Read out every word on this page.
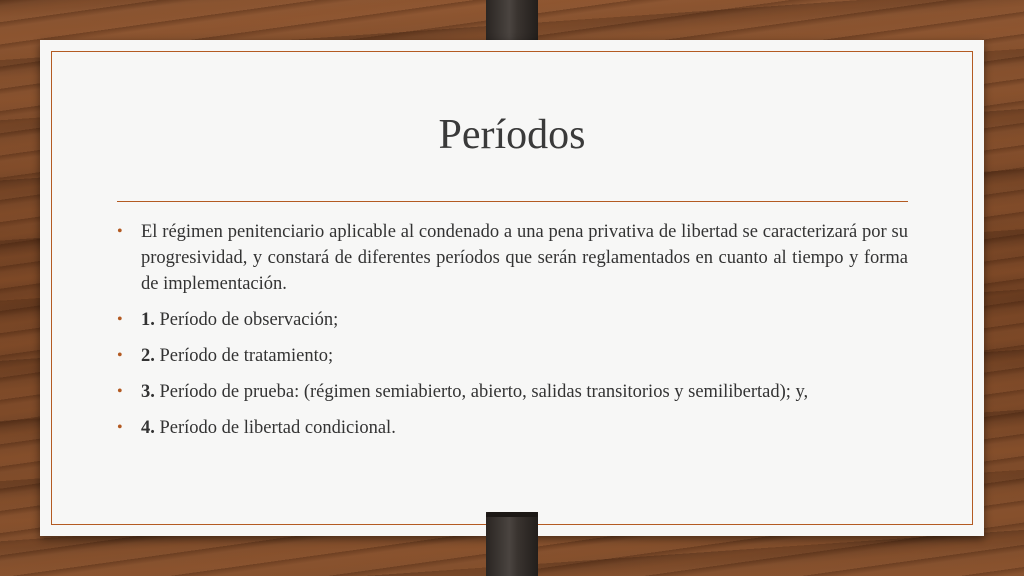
Períodos
• El régimen penitenciario aplicable al condenado a una pena privativa de libertad se caracterizará por su progresividad, y constará de diferentes períodos que serán reglamentados en cuanto al tiempo y forma de implementación.
• 1. Período de observación;
• 2. Período de tratamiento;
• 3. Período de prueba: (régimen semiabierto, abierto, salidas transitorios y semilibertad); y,
• 4. Período de libertad condicional.
